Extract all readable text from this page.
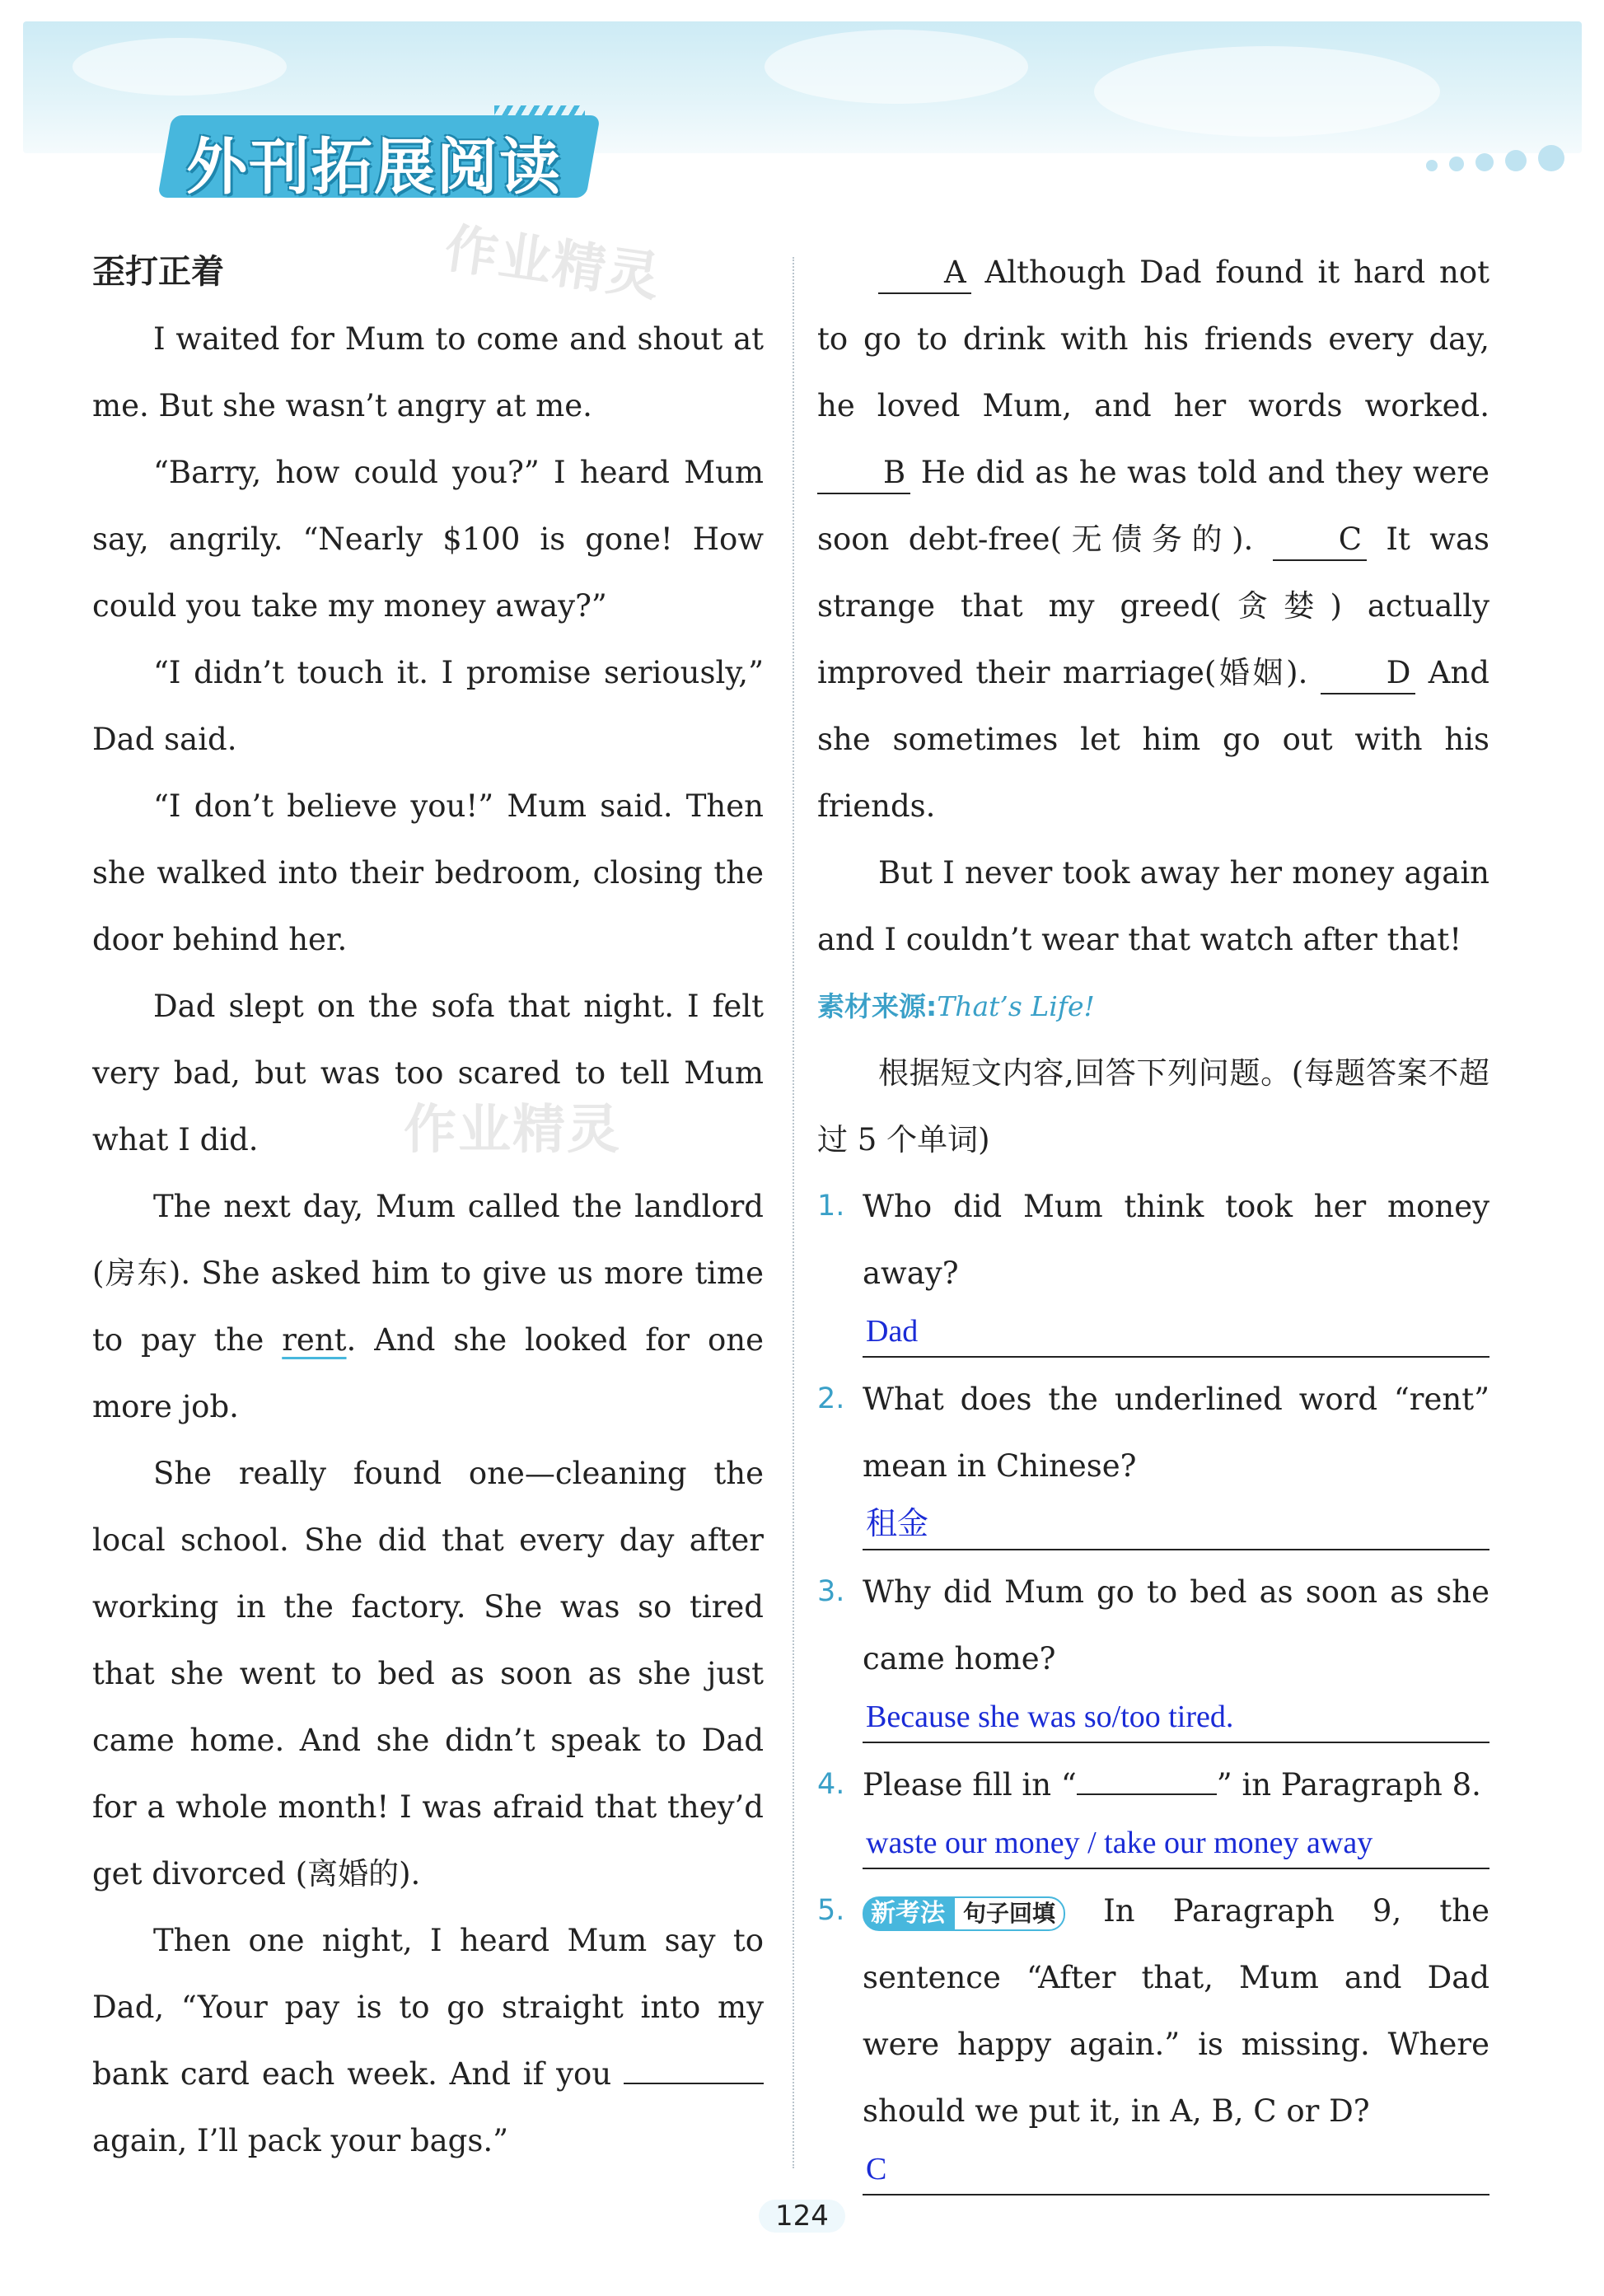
外刊拓展阅读
作业精灵
作业精灵

歪打正着

I waited for Mum to come and shout at me. But she wasn’t angry at me.

“Barry, how could you?” I heard Mum say, angrily. “Nearly $100 is gone! How could you take my money away?”

“I didn’t touch it. I promise seriously,” Dad said.

“I don’t believe you!” Mum said. Then she walked into their bedroom, closing the door behind her.

Dad slept on the sofa that night. I felt very bad, but was too scared to tell Mum what I did.

The next day, Mum called the landlord (房东). She asked him to give us more time to pay the rent. And she looked for one more job.

She really found one—cleaning the local school. She did that every day after working in the factory. She was so tired that she went to bed as soon as she just came home. And she didn’t speak to Dad for a whole month! I was afraid that they’d get divorced (离婚的).

Then one night, I heard Mum say to Dad, “Your pay is to go straight into my bank card each week. And if you  again, I’ll pack your bags.”

A Although Dad found it hard not to go to drink with his friends every day, he loved Mum, and her words worked. B He did as he was told and they were soon debt-free(无债务的). C It was strange that my greed(贪婪) actually improved their marriage(婚姻). D And she sometimes let him go out with his friends.

But I never took away her money again and I couldn’t wear that watch after that!

素材来源:That’s Life!

根据短文内容,回答下列问题。(每题答案不超过 5 个单词)

1. Who did Mum think took her money away?
Dad
2. What does the underlined word “rent” mean in Chinese?
租金
3. Why did Mum go to bed as soon as she came home?
Because she was so/too tired.
4. Please fill in “	” in Paragraph 8.
waste our money / take our money away
5.	新考法 句子回填 In Paragraph 9, the sentence “After that, Mum and Dad were happy again.” is missing. Where should we put it, in A, B, C or D?
C
124
